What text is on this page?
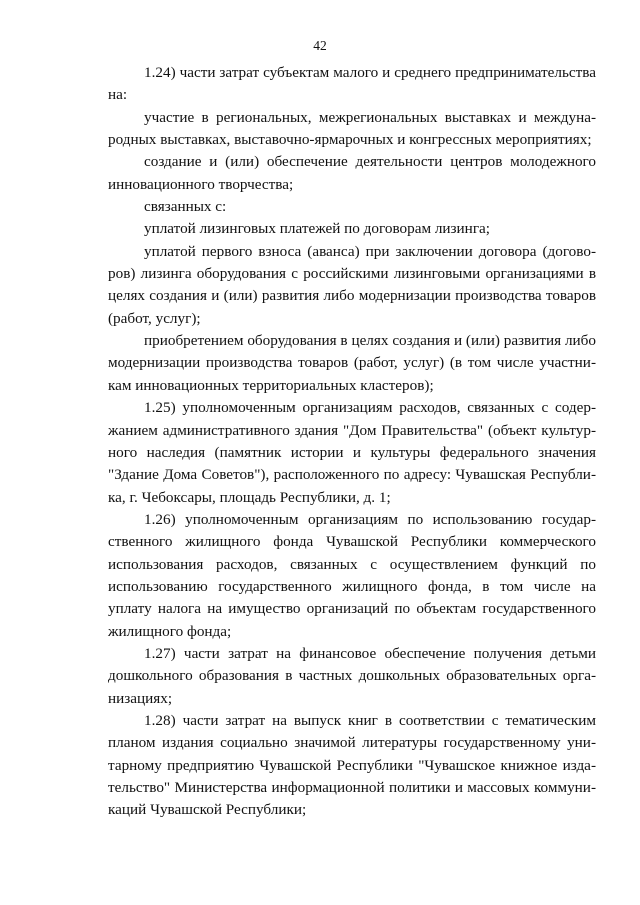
42

1.24) части затрат субъектам малого и среднего предпринимательства на:

участие в региональных, межрегиональных выставках и международных выставках, выставочно-ярмарочных и конгрессных мероприятиях;

создание и (или) обеспечение деятельности центров молодежного инновационного творчества;

связанных с:

уплатой лизинговых платежей по договорам лизинга;

уплатой первого взноса (аванса) при заключении договора (договоров) лизинга оборудования с российскими лизинговыми организациями в целях создания и (или) развития либо модернизации производства товаров (работ, услуг);

приобретением оборудования в целях создания и (или) развития либо модернизации производства товаров (работ, услуг) (в том числе участникам инновационных территориальных кластеров);

1.25) уполномоченным организациям расходов, связанных с содержанием административного здания "Дом Правительства" (объект культурного наследия (памятник истории и культуры федерального значения "Здание Дома Советов"), расположенного по адресу: Чувашская Республика, г. Чебоксары, площадь Республики, д. 1;

1.26) уполномоченным организациям по использованию государственного жилищного фонда Чувашской Республики коммерческого использования расходов, связанных с осуществлением функций по использованию государственного жилищного фонда, в том числе на уплату налога на имущество организаций по объектам государственного жилищного фонда;

1.27) части затрат на финансовое обеспечение получения детьми дошкольного образования в частных дошкольных образовательных организациях;

1.28) части затрат на выпуск книг в соответствии с тематическим планом издания социально значимой литературы государственному унитарному предприятию Чувашской Республики "Чувашское книжное издательство" Министерства информационной политики и массовых коммуникаций Чувашской Республики;
